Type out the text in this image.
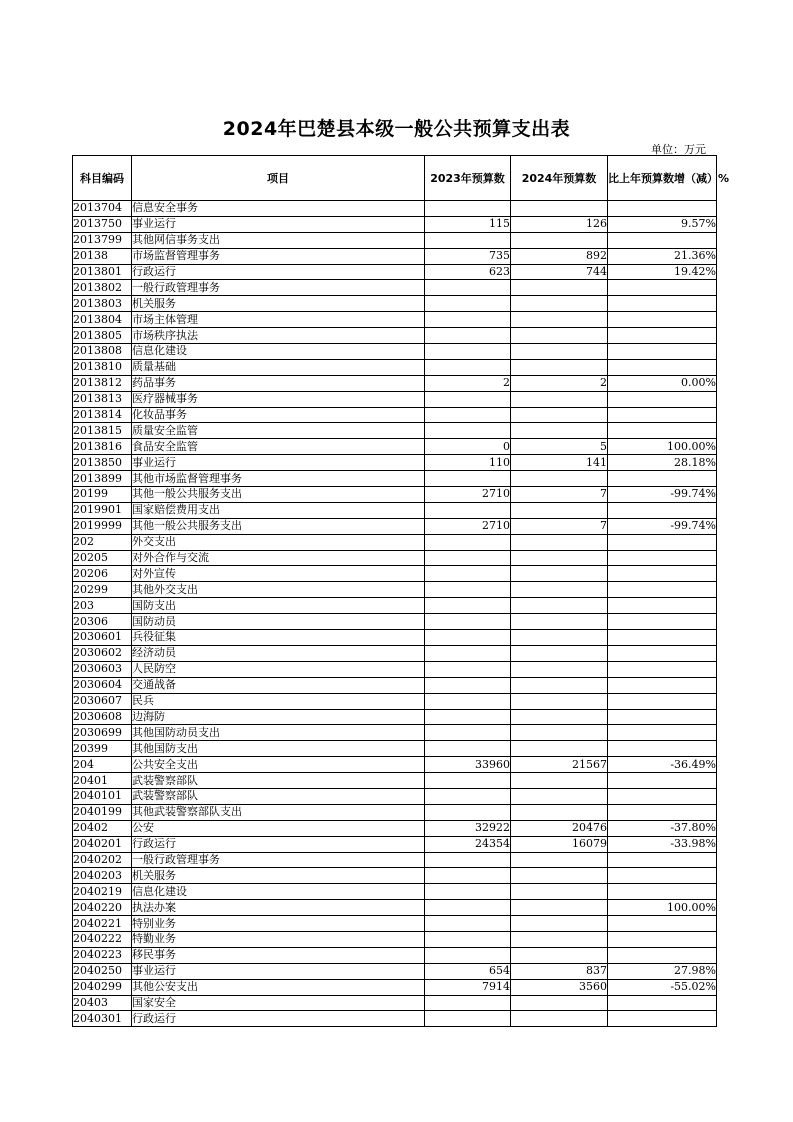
2024年巴楚县本级一般公共预算支出表
单位：万元
科目编码	项目	2023年预算数	2024年预算数	比上年预算数增（减）%
2013704	信息安全事务			
2013750	事业运行	115	126	9.57%
2013799	其他网信事务支出			
20138	市场监督管理事务	735	892	21.36%
2013801	行政运行	623	744	19.42%
2013802	一般行政管理事务			
2013803	机关服务			
2013804	市场主体管理			
2013805	市场秩序执法			
2013808	信息化建设			
2013810	质量基础			
2013812	药品事务	2	2	0.00%
2013813	医疗器械事务			
2013814	化妆品事务			
2013815	质量安全监管			
2013816	食品安全监管	0	5	100.00%
2013850	事业运行	110	141	28.18%
2013899	其他市场监督管理事务			
20199	其他一般公共服务支出	2710	7	-99.74%
2019901	国家赔偿费用支出			
2019999	其他一般公共服务支出	2710	7	-99.74%
202	外交支出			
20205	对外合作与交流			
20206	对外宣传			
20299	其他外交支出			
203	国防支出			
20306	国防动员			
2030601	兵役征集			
2030602	经济动员			
2030603	人民防空			
2030604	交通战备			
2030607	民兵			
2030608	边海防			
2030699	其他国防动员支出			
20399	其他国防支出			
204	公共安全支出	33960	21567	-36.49%
20401	武装警察部队			
2040101	武装警察部队			
2040199	其他武装警察部队支出			
20402	公安	32922	20476	-37.80%
2040201	行政运行	24354	16079	-33.98%
2040202	一般行政管理事务			
2040203	机关服务			
2040219	信息化建设			
2040220	执法办案			100.00%
2040221	特别业务			
2040222	特勤业务			
2040223	移民事务			
2040250	事业运行	654	837	27.98%
2040299	其他公安支出	7914	3560	-55.02%
20403	国家安全			
2040301	行政运行			
